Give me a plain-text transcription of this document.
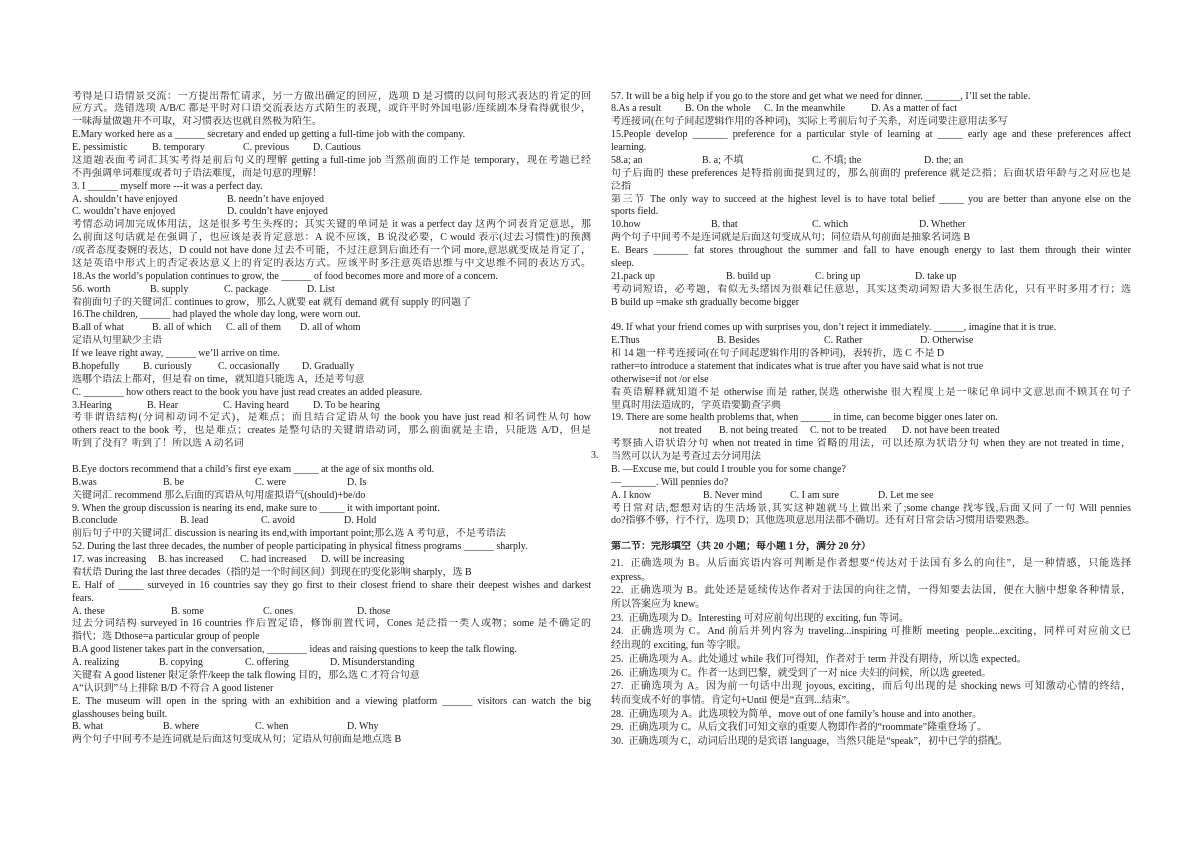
考得是口语情景交流：一方提出帮忙请求，另一方做出确定的回应，选项 D 是习惯的以问句形式表达的肯定的回
应方式。选错选项 A/B/C 都是平时对口语交流表达方式陌生的表现，或许平时外国电影/连续剧本身看得就很少，
一味海量做题并不可取，对习惯表达也就自然极为陌生。
E.Mary worked here as a ______ secretary and ended up getting a full-time job with the company.
E. pessimistic B. temporary	C. previous D. Cautious
这道题表面考词汇其实考得是前后句义的理解 getting a full-time job 当然前面的工作是 temporary，现在考题已经
不再强调单词难度或者句子语法难度，而是句意的理解！
3. I ______ myself more ---it was a perfect day.
A. shouldn’t have enjoyed	B. needn’t have enjoyed
C. wouldn’t have enjoyed	D. couldn’t have enjoyed
考情态动词加完成体用法，这是很多考生头疼的；其实关键的单词是 it was a perfect day 这两个词表肯定意思，那
么前面这句话就是在强调了，也应该是表肯定意思：A 说不应该，B 说没必要，C would 表示(过去习惯性)的预测
/或者态度委婉的表达，D could not have done 过去不可能，不过注意到后面还有一个词 more,意思就变成是肯定了，
这是英语中形式上的否定表达意义上的肯定的表达方式。应该平时多注意英语思维与中文思维不同的表达方式。
18.As the world’s population continues to grow, the ______ of food becomes more and more of a concern.
56. worth	B. supply	C. package	D. List
看前面句子的关键词汇 continues to grow，那么人就要 eat 就有 demand 就有 supply 的问题了
16.The children, ______ had played the whole day long, were worn out.
B.all of what	B. all of which C. all of them D. all of whom
定语从句里缺少主语
If we leave right away, ______ we’ll arrive on time.
B.hopefully B. curiously	C. occasionally D. Gradually
选哪个语法上都对，但是看 on time，就知道只能选 A，还是考句意
C. ________ how others react to the book you have just read creates an added pleasure.
3.Hearing	B. Hear	C. Having heard D. To be hearing
考非谓语结构(分词和动词不定式)，是难点；而且结合定语从句 the book you have just read 和名词性从句 how
others react to the book 考，也是难点；creates 是整句话的关键谓语动词，那么前面就是主语，只能选 A/D，但是
听到了没有？听到了！所以选 A 动名词
B.Eye doctors recommend that a child’s first eye exam _____ at the age of six months old.
B.was	B. be	C. were	D. Is
关键词汇 recommend 那么后面的宾语从句用虚拟语气(should)+be/do
9. When the group discussion is nearing its end, make sure to _____ it with important point.
B.conclude	B. lead	C. avoid	D. Hold
前后句子中的关键词汇 discussion is nearing its end,with important point;那么选 A 考句意，不是考语法
52. During the last three decades, the number of people participating in physical fitness programs ______ sharply.
17. was increasing B. has increased C. had increased D. will be increasing
看状语 During the last three decades（指的是一个时间区间）到现在的变化影响 sharply，选 B
E. Half of _____ surveyed in 16 countries say they go first to their closest friend to share their deepest wishes and darkest
fears.
A. these	B. some	C. ones	D. those
过去分词结构 surveyed in 16 countries 作后置定语，修饰前置代词，Cones 是泛指一类人或物；some 是不确定的
指代；选 Dthose=a particular group of people
B.A good listener takes part in the conversation, ________ ideas and raising questions to keep the talk flowing.
A. realizing	B. copying	C. offering	D. Misunderstanding
关键看 A good listener 限定条件/keep the talk flowing 目的，那么选 C 才符合句意
A“认识到”马上排除 B/D 不符合 A good listener
E. The museum will open in the spring with an exhibition and a viewing platform ______ visitors can watch the big
glasshouses being built.
B. what	B. where	C. when	D. Why
两个句子中间考不是连词就是后面这句变成从句；定语从句前面是地点选 B
3.
57. It will be a big help if you go to the store and get what we need for dinner. _______, I’ll set the table.
8.As a result B. On the whole C. In the meanwhile	D. As a matter of fact
考连接词(在句子间起逻辑作用的各种词)，实际上考前后句子关系，对连词要注意用法多写
15.People develop _______ preference for a particular style of learning at _____ early age and these preferences affect
learning.
58.a; an	B. a; 不填	C. 不填; the	D. the; an
句子后面的 these preferences 是特指前面提到过的，那么前面的 preference 就是泛指；后面状语年龄与之对应也是
泛指
第三节 The only way to succeed at the highest level is to have total belief _____ you are better than anyone else on the
sports field.
10.how	B. that	C. which	D. Whether
两个句子中间考不是连词就是后面这句变成从句；同位语从句前面是抽象名词选 B
E. Bears _______ fat stores throughout the summer and fall to have enough energy to last them through their winter
sleep.
21.pack up	B. build up	C. bring up	D. take up
考动词短语，必考题，看似无头绪因为很难记住意思，其实这类动词短语大多很生活化，只有平时多用才行；选
B build up =make sth gradually become bigger
49. If what your friend comes up with surprises you, don’t reject it immediately. ______, imagine that it is true.
E.Thus	B. Besides	C. Rather	D. Otherwise
和 14 题一样考连接词(在句子间起逻辑作用的各种词)，表转折，选 C 不是 D
rather=to introduce a statement that indicates what is true after you have said what is not true
otherwise=if not /or else
看英语解释就知道不是 otherwise 而是 rather,误选 otherwishe 很大程度上是一味记单词中文意思而不顾其在句子
里真时用法造成的，学英语要勤查字典
19. There are some health problems that, when ______ in time, can become bigger ones later on.
not treated B. not being treated C. not to be treated D. not have been treated
考察插入语状语分句 when not treated in time 省略的用法，可以还原为状语分句 when they are not treated in time，
当然可以认为是考查过去分词用法
B. —Excuse me, but could I trouble you for some change?
—_______. Will pennies do?
A. I know	B. Never mind	C. I am sure	D. Let me see
考日常对话,想想对话的生活场景,其实这种题就马上做出来了;some change 找零钱,后面又问了一句 Will pennies
do?指够不够，行不行，选项 D；其他选项意思用法都不确切。还有对日常会话习惯用语要熟悉。
第二节：完形填空（共 20 小题；每小题 1 分，满分 20 分）
21.  正确选项为 B。从后面宾语内容可判断是作者想要“传达对于法国有多么的向往”，是一种情感，只能选择
express。
22.  正确选项为 B。此处还是延续传达作者对于法国的向往之情，一得知要去法国，便在大脑中想象各种情景，
所以答案应为 knew。
23.  正确选项为 D。Interesting 可对应前句出现的 exciting, fun 等词。
24.  正确选项为 C。And 前后并列内容为 traveling...inspiring 可推断 meeting  people...exciting，同样可对应前文已
经出现的 exciting, fun 等字眼。
25.  正确选项为 A。此处通过 while 我们可得知，作者对于 term 并没有期待，所以选 expected。
26.  正确选项为 C。作者一达到巴黎，就受到了一对 nice 夫妇的问候，所以选 greeted。
27.  正确选项为 A。因为前一句话中出现 joyous, exciting，而后句出现的是 shocking news 可知激动心情的终结，
转而变成不好的事情。肯定句+Until 便是“直到...结束”。
28.  正确选项为 A。此选项较为简单，move out of one family’s house and into another。
29.  正确选项为 C。从后文我们可知文章的重要人物即作者的“roommate”隆重登场了。
30.  正确选项为 C，动词后出现的是宾语 language，当然只能是“speak”，初中已学的搭配。
